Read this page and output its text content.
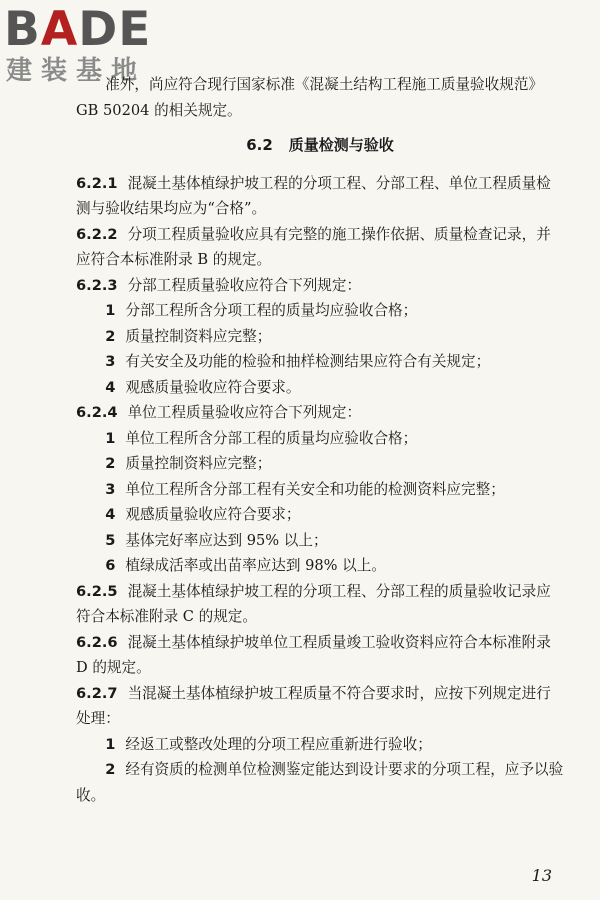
BADE
建装基地

准外，尚应符合现行国家标准《混凝土结构工程施工质量验收规范》GB 50204 的相关规定。

6.2 质量检测与验收

6.2.1 混凝土基体植绿护坡工程的分项工程、分部工程、单位工程质量检测与验收结果均应为“合格”。

6.2.2 分项工程质量验收应具有完整的施工操作依据、质量检查记录，并应符合本标准附录 B 的规定。

6.2.3 分部工程质量验收应符合下列规定：

1 分部工程所含分项工程的质量均应验收合格；

2 质量控制资料应完整；

3 有关安全及功能的检验和抽样检测结果应符合有关规定；

4 观感质量验收应符合要求。

6.2.4 单位工程质量验收应符合下列规定：

1 单位工程所含分部工程的质量均应验收合格；

2 质量控制资料应完整；

3 单位工程所含分部工程有关安全和功能的检测资料应完整；

4 观感质量验收应符合要求；

5 基体完好率应达到 95% 以上；

6 植绿成活率或出苗率应达到 98% 以上。

6.2.5 混凝土基体植绿护坡工程的分项工程、分部工程的质量验收记录应符合本标准附录 C 的规定。

6.2.6 混凝土基体植绿护坡单位工程质量竣工验收资料应符合本标准附录 D 的规定。

6.2.7 当混凝土基体植绿护坡工程质量不符合要求时，应按下列规定进行处理：

1 经返工或整改处理的分项工程应重新进行验收；

2 经有资质的检测单位检测鉴定能达到设计要求的分项工程，应予以验收。

13
